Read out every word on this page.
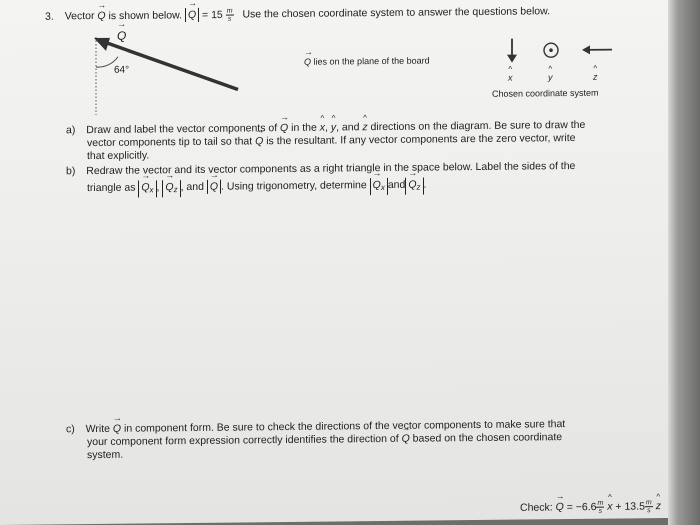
3. Vector → Q is shown below. → $Q = 15 \frac{m}{s}$ Use the chosen coordinate system to answer the questions below.
→ Q
64°
→ Q lies on the plane of the board
^ x
^	y
^	z
Chosen coordinate system
a) Draw and label the vector components of → Q in the ^ x, ^ y, and ^ z directions on the diagram. Be sure to draw the
vector components tip to tail so that → Q is the resultant. If any vector components are the zero vector, write
that explicitly.
b) Redraw the vector and its vector components as a right triangle in the space below. Label the sides of the
triangle as → $Q_x$ , → $Q_z$ , and → Q . Using trigonometry, determine → $Q_x$ $and\to Q_z$ .
c) Write → Q in component form. Be sure to check the directions of the vector components to make sure that
your component form expression correctly identifies the direction of → Q based on the chosen coordinate
system.
Check: → $Q = -6.6 \frac{m}{s}$
^ $x + 13.5 \frac{m}{s}$
^ z
